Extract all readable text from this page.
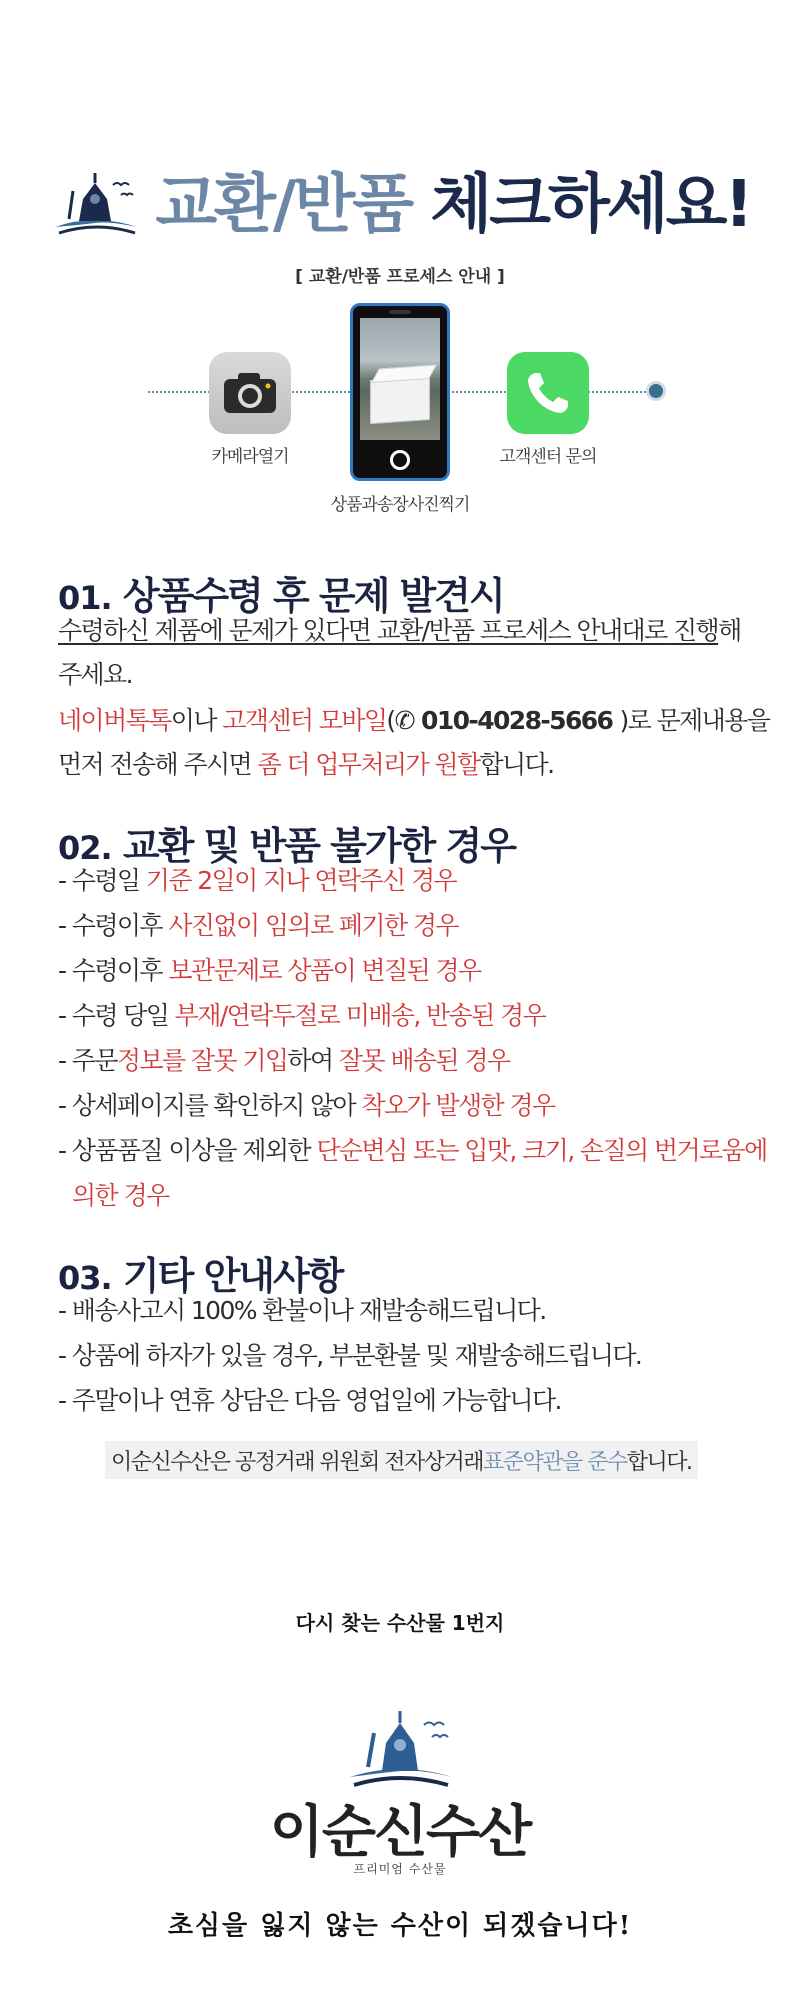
교환/반품 체크하세요!
[ 교환/반품 프로세스 안내 ]
카메라열기
상품과송장사진찍기
고객센터 문의
01. 상품수령 후 문제 발견시
수령하신 제품에 문제가 있다면 교환/반품 프로세스 안내대로 진행해
주세요.
네이버톡톡이나 고객센터 모바일(✆ 010-4028-5666 )로 문제내용을
먼저 전송해 주시면 좀 더 업무처리가 원할합니다.
02. 교환 및 반품 불가한 경우
- 수령일 기준 2일이 지나 연락주신 경우
- 수령이후 사진없이 임의로 폐기한 경우
- 수령이후 보관문제로 상품이 변질된 경우
- 수령 당일 부재/연락두절로 미배송, 반송된 경우
- 주문정보를 잘못 기입하여 잘못 배송된 경우
- 상세페이지를 확인하지 않아 착오가 발생한 경우
- 상품품질 이상을 제외한 단순변심 또는 입맛, 크기, 손질의 번거로움에
의한 경우
03. 기타 안내사항
- 배송사고시 100% 환불이나 재발송해드립니다.
- 상품에 하자가 있을 경우, 부분환불 및 재발송해드립니다.
- 주말이나 연휴 상담은 다음 영업일에 가능합니다.
이순신수산은 공정거래 위원회 전자상거래 표준약관을 준수 합니다.
다시 찾는 수산물 1번지
이순신수산
프리미엄 수산물
초심을 잃지 않는 수산이 되겠습니다!
